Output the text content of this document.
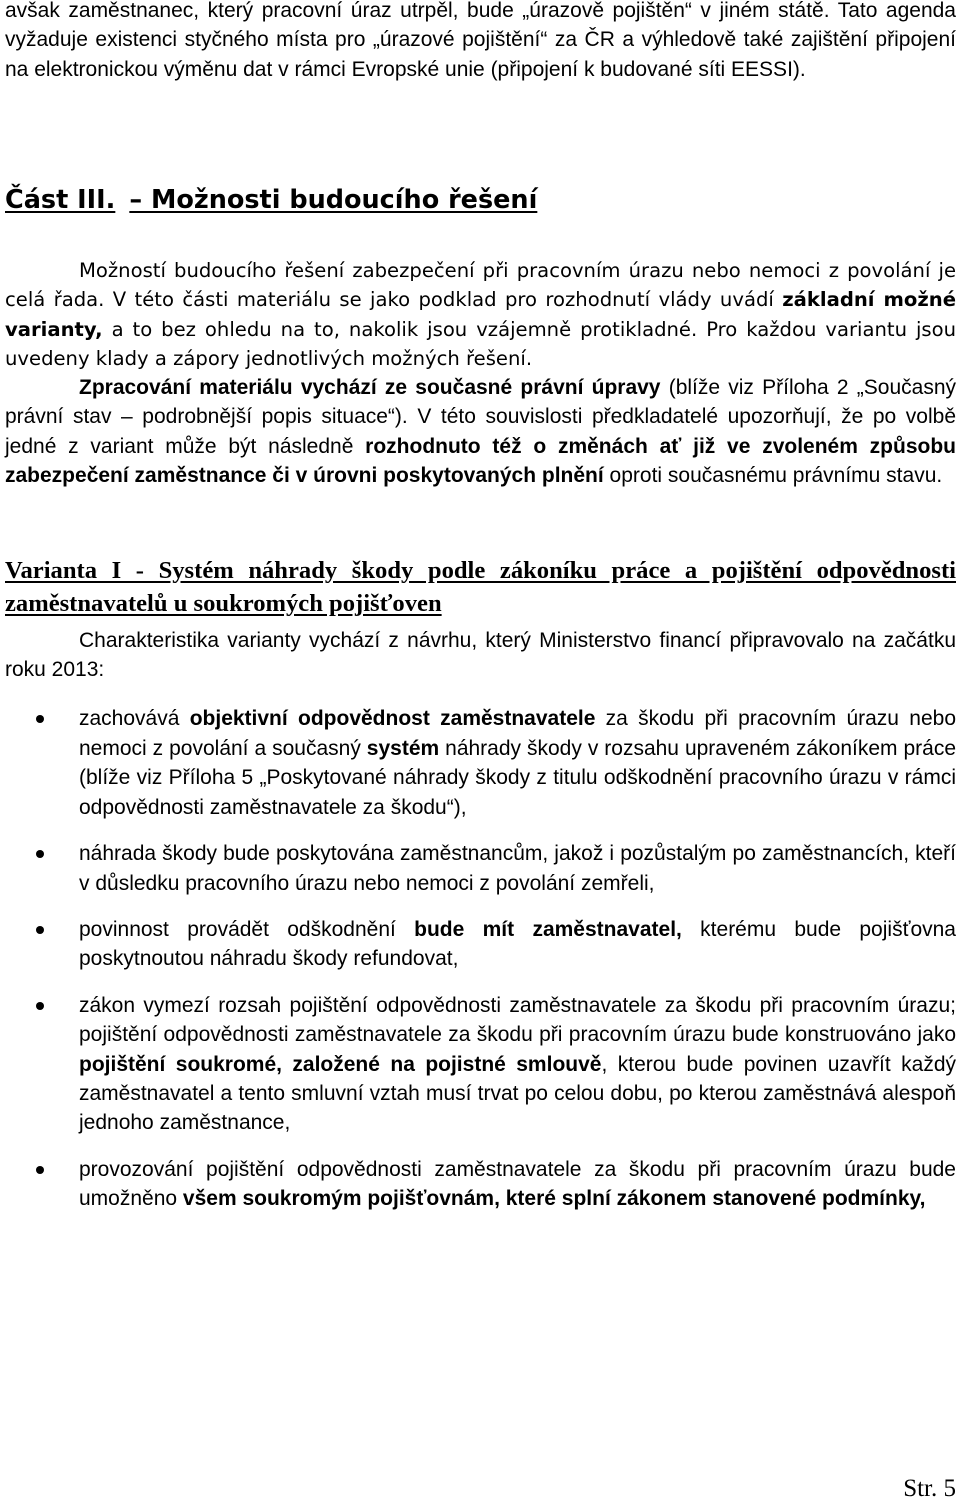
avšak zaměstnanec, který pracovní úraz utrpěl, bude „úrazově pojištěn“ v jiném státě. Tato agenda vyžaduje existenci styčného místa pro „úrazové pojištění“ za ČR a výhledově také zajištění připojení na elektronickou výměnu dat v rámci Evropské unie (připojení k budované síti EESSI).

Část III. – Možnosti budoucího řešení

Možností budoucího řešení zabezpečení při pracovním úrazu nebo nemoci z povolání je celá řada. V této části materiálu se jako podklad pro rozhodnutí vlády uvádí základní možné varianty, a to bez ohledu na to, nakolik jsou vzájemně protikladné. Pro každou variantu jsou uvedeny klady a zápory jednotlivých možných řešení.

Zpracování materiálu vychází ze současné právní úpravy (blíže viz Příloha 2 „Současný právní stav – podrobnější popis situace“). V této souvislosti předkladatelé upozorňují, že po volbě jedné z variant může být následně rozhodnuto též o změnách ať již ve zvoleném způsobu zabezpečení zaměstnance či v úrovni poskytovaných plnění oproti současnému právnímu stavu.

Varianta I - Systém náhrady škody podle zákoníku práce a pojištění odpovědnosti zaměstnavatelů u soukromých pojišťoven

Charakteristika varianty vychází z návrhu, který Ministerstvo financí připravovalo na začátku roku 2013:

zachovává objektivní odpovědnost zaměstnavatele za škodu při pracovním úrazu nebo nemoci z povolání a současný systém náhrady škody v rozsahu upraveném zákoníkem práce (blíže viz Příloha 5 „Poskytované náhrady škody z titulu odškodnění pracovního úrazu v rámci odpovědnosti zaměstnavatele za škodu“),
náhrada škody bude poskytována zaměstnancům, jakož i pozůstalým po zaměstnancích, kteří v důsledku pracovního úrazu nebo nemoci z povolání zemřeli,
povinnost provádět odškodnění bude mít zaměstnavatel, kterému bude pojišťovna poskytnoutou náhradu škody refundovat,
zákon vymezí rozsah pojištění odpovědnosti zaměstnavatele za škodu při pracovním úrazu; pojištění odpovědnosti zaměstnavatele za škodu při pracovním úrazu bude konstruováno jako pojištění soukromé, založené na pojistné smlouvě, kterou bude povinen uzavřít každý zaměstnavatel a tento smluvní vztah musí trvat po celou dobu, po kterou zaměstnává alespoň jednoho zaměstnance,
provozování pojištění odpovědnosti zaměstnavatele za škodu při pracovním úrazu bude umožněno všem soukromým pojišťovnám, které splní zákonem stanovené podmínky,
Str. 5
